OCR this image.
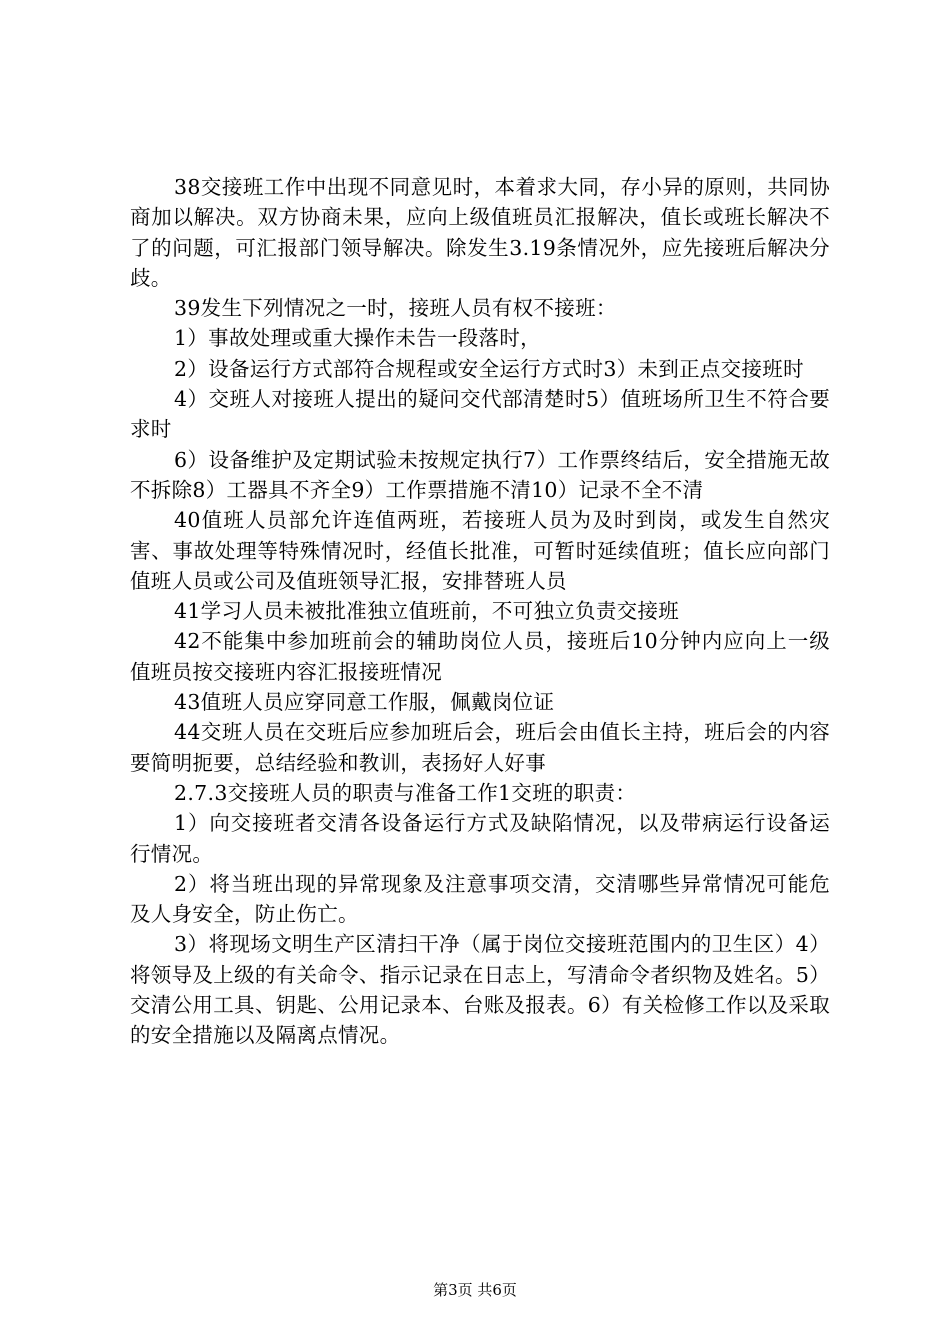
38交接班工作中出现不同意见时，本着求大同，存小异的原则，共同协商加以解决。双方协商未果，应向上级值班员汇报解决，值长或班长解决不了的问题，可汇报部门领导解决。除发生3.19条情况外，应先接班后解决分歧。

39发生下列情况之一时，接班人员有权不接班：

1）事故处理或重大操作未告一段落时，

2）设备运行方式部符合规程或安全运行方式时3）未到正点交接班时

4）交班人对接班人提出的疑问交代部清楚时5）值班场所卫生不符合要求时

6）设备维护及定期试验未按规定执行7）工作票终结后，安全措施无故不拆除8）工器具不齐全9）工作票措施不清10）记录不全不清

40值班人员部允许连值两班，若接班人员为及时到岗，或发生自然灾害、事故处理等特殊情况时，经值长批准，可暂时延续值班；值长应向部门值班人员或公司及值班领导汇报，安排替班人员

41学习人员未被批准独立值班前，不可独立负责交接班

42不能集中参加班前会的辅助岗位人员，接班后10分钟内应向上一级值班员按交接班内容汇报接班情况

43值班人员应穿同意工作服，佩戴岗位证

44交班人员在交班后应参加班后会，班后会由值长主持，班后会的内容要简明扼要，总结经验和教训，表扬好人好事

2.7.3交接班人员的职责与准备工作1交班的职责：

1）向交接班者交清各设备运行方式及缺陷情况，以及带病运行设备运行情况。

2）将当班出现的异常现象及注意事项交清，交清哪些异常情况可能危及人身安全，防止伤亡。

3）将现场文明生产区清扫干净（属于岗位交接班范围内的卫生区）4）将领导及上级的有关命令、指示记录在日志上，写清命令者织物及姓名。5）交清公用工具、钥匙、公用记录本、台账及报表。6）有关检修工作以及采取的安全措施以及隔离点情况。

第3页 共6页
